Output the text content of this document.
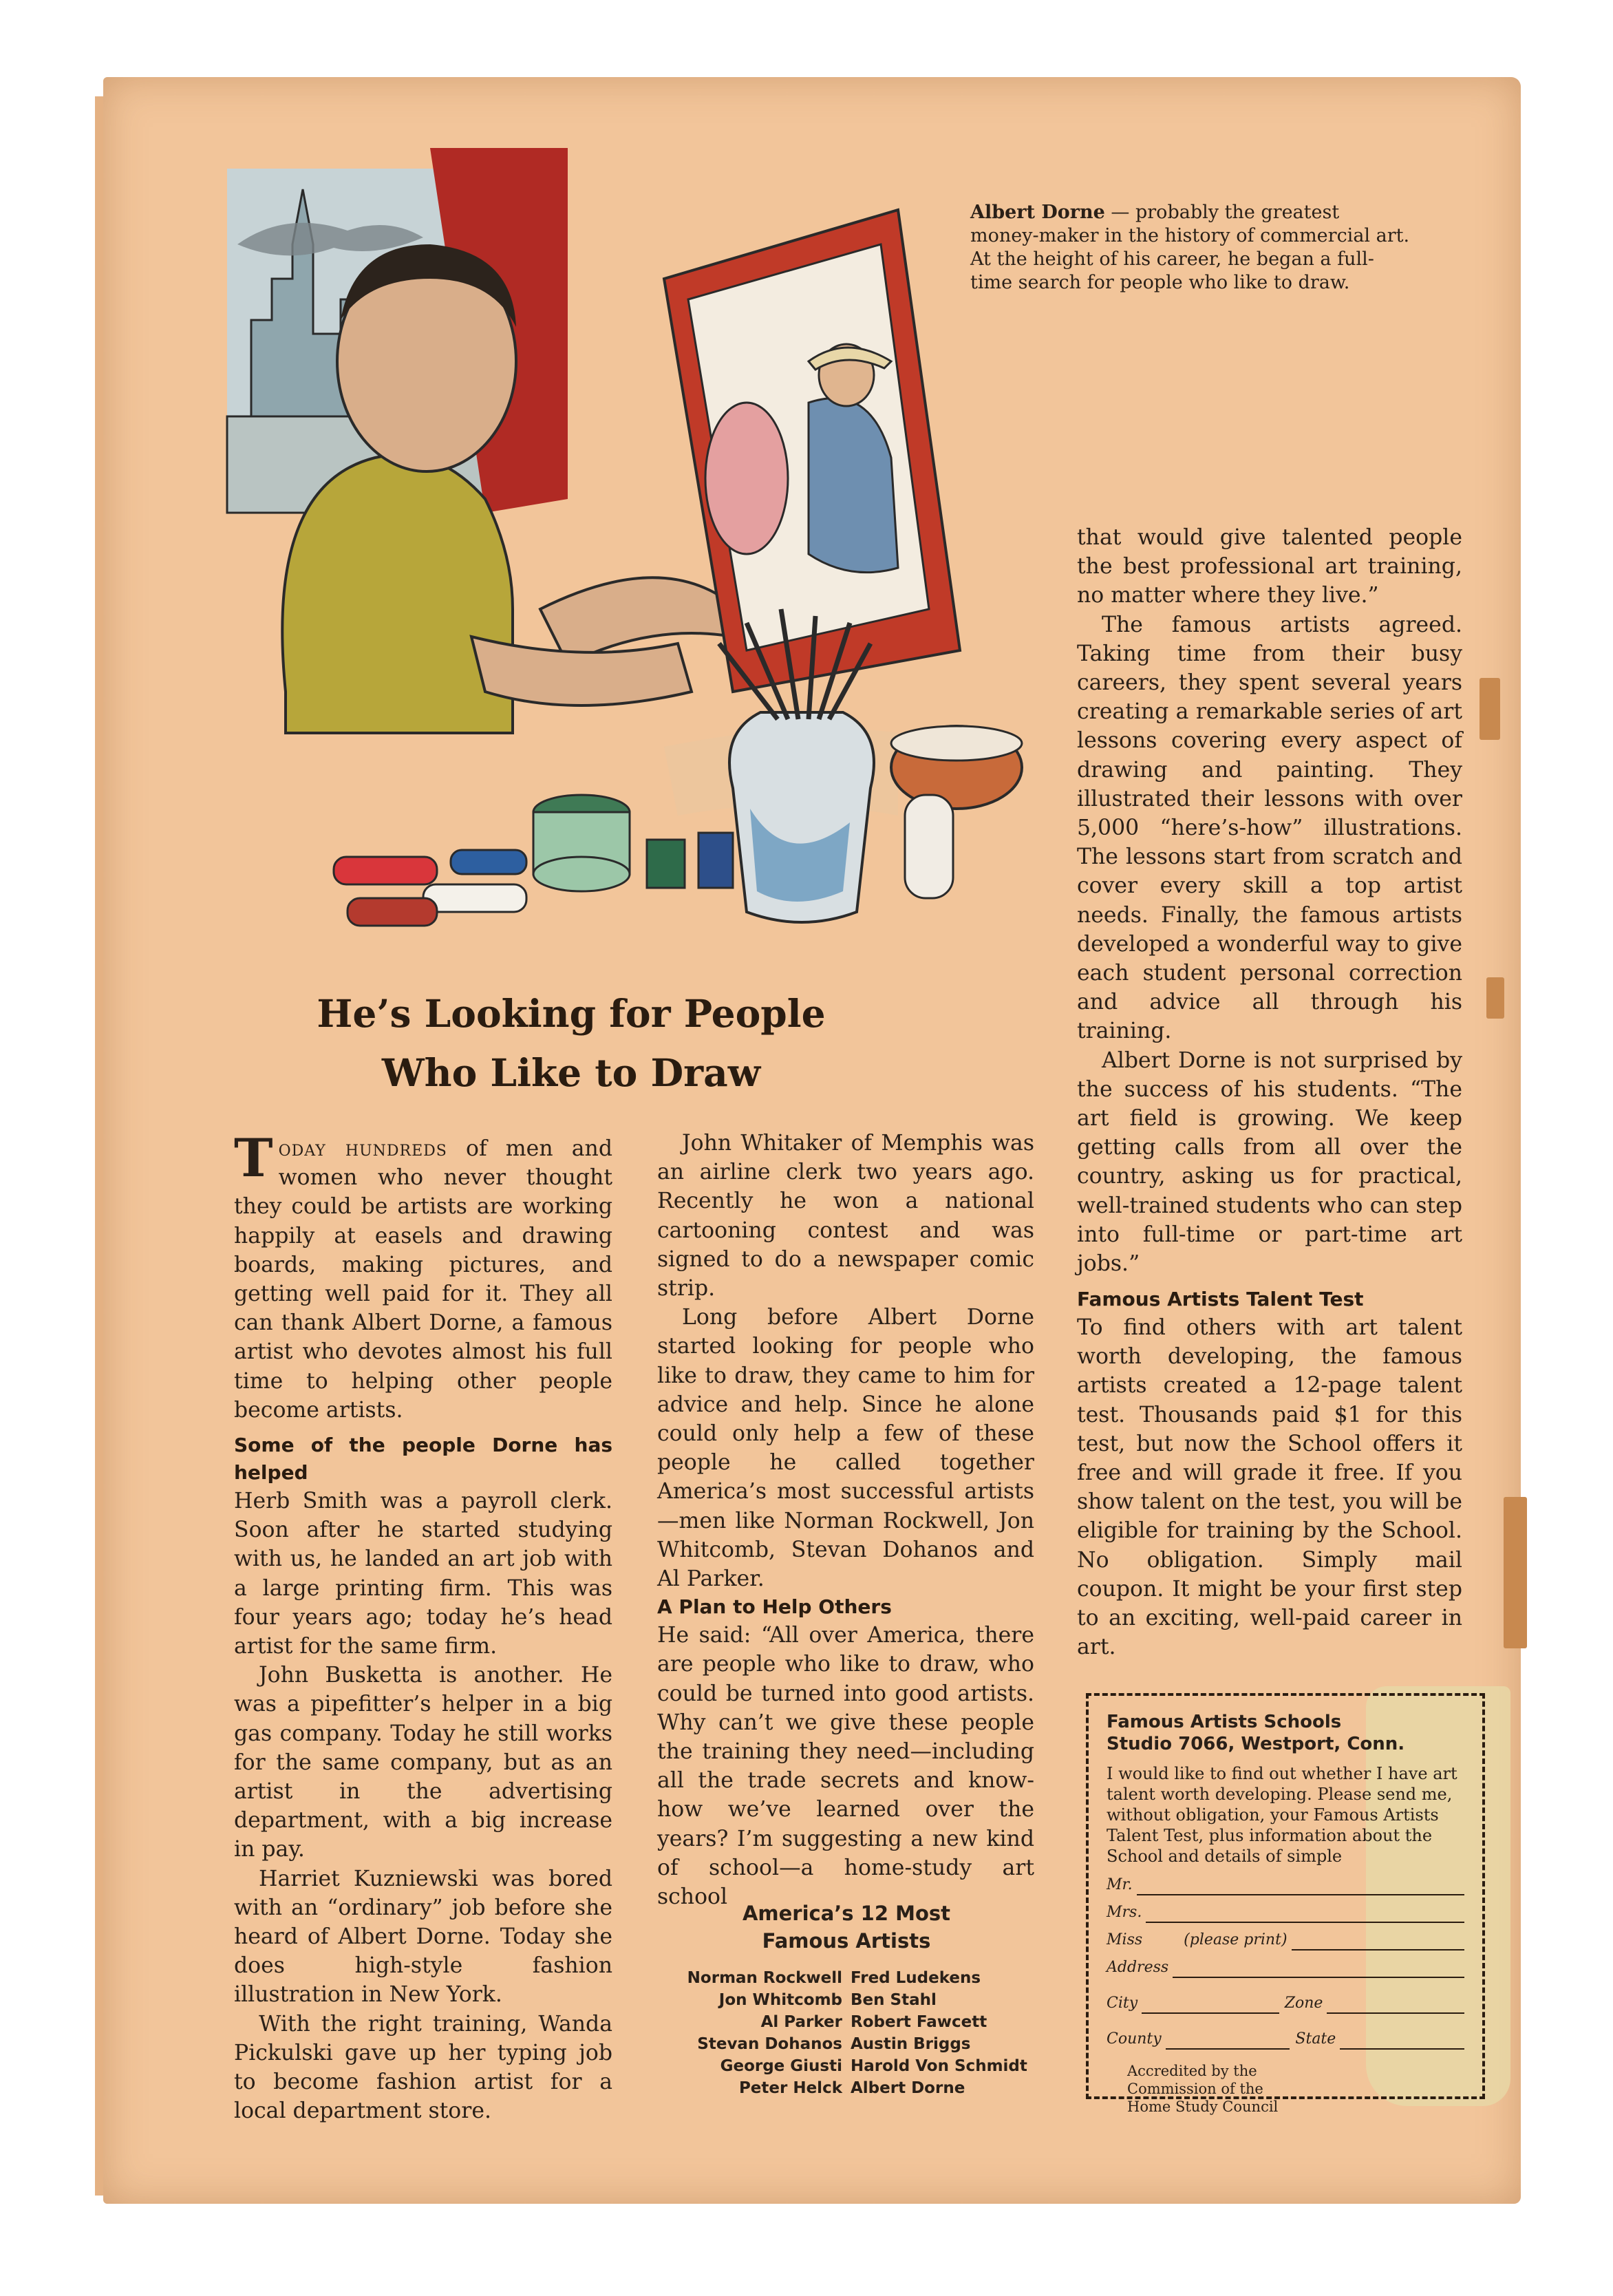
Albert Dorne — probably the greatest money-maker in the history of commercial art. At the height of his career, he began a full-time search for people who like to draw.
He’s Looking for People
Who Like to Draw

Today hundreds of men and women who never thought they could be artists are working happily at easels and drawing boards, making pictures, and getting well paid for it. They all can thank Albert Dorne, a famous artist who devotes almost his full time to helping other people become artists.

Some of the people Dorne has helped

Herb Smith was a payroll clerk. Soon after he started studying with us, he landed an art job with a large printing firm. This was four years ago; today he’s head artist for the same firm.

John Busketta is another. He was a pipefitter’s helper in a big gas company. Today he still works for the same company, but as an artist in the advertising department, with a big increase in pay.

Harriet Kuzniewski was bored with an “ordinary” job before she heard of Albert Dorne. Today she does high-style fashion illustration in New York.

With the right training, Wanda Pickulski gave up her typing job to become fashion artist for a local department store.

John Whitaker of Memphis was an airline clerk two years ago. Recently he won a national cartooning contest and was signed to do a newspaper comic strip.

Long before Albert Dorne started looking for people who like to draw, they came to him for advice and help. Since he alone could only help a few of these people he called together America’s most successful artists —men like Norman Rockwell, Jon Whitcomb, Stevan Dohanos and Al Parker.

A Plan to Help Others

He said: “All over America, there are people who like to draw, who could be turned into good artists. Why can’t we give these people the training they need—including all the trade secrets and know-how we’ve learned over the years? I’m suggesting a new kind of school—a home-study art school

that would give talented people the best professional art training, no matter where they live.”

The famous artists agreed. Taking time from their busy careers, they spent several years creating a remarkable series of art lessons covering every aspect of drawing and painting. They illustrated their lessons with over 5,000 “here’s-how” illustrations. The lessons start from scratch and cover every skill a top artist needs. Finally, the famous artists developed a wonderful way to give each student personal correction and advice all through his training.

Albert Dorne is not surprised by the success of his students. “The art field is growing. We keep getting calls from all over the country, asking us for practical, well-trained students who can step into full-time or part-time art jobs.”

Famous Artists Talent Test

To find others with art talent worth developing, the famous artists created a 12-page talent test. Thousands paid $1 for this test, but now the School offers it free and will grade it free. If you show talent on the test, you will be eligible for training by the School. No obligation. Simply mail coupon. It might be your first step to an exciting, well-paid career in art.

America’s 12 Most
Famous Artists
Norman Rockwell	Fred Ludekens
Jon Whitcomb	Ben Stahl
Al Parker	Robert Fawcett
Stevan Dohanos	Austin Briggs
George Giusti	Harold Von Schmidt
Peter Helck	Albert Dorne
Famous Artists Schools
Studio 7066, Westport, Conn.
I would like to find out whether I have art talent worth developing. Please send me, without obligation, your Famous Artists Talent Test, plus information about the School and details of simple
Mr.
Mrs.
Miss	(please print)
Address
City	Zone
County	State
Accredited by the Commission of the Home Study Council
